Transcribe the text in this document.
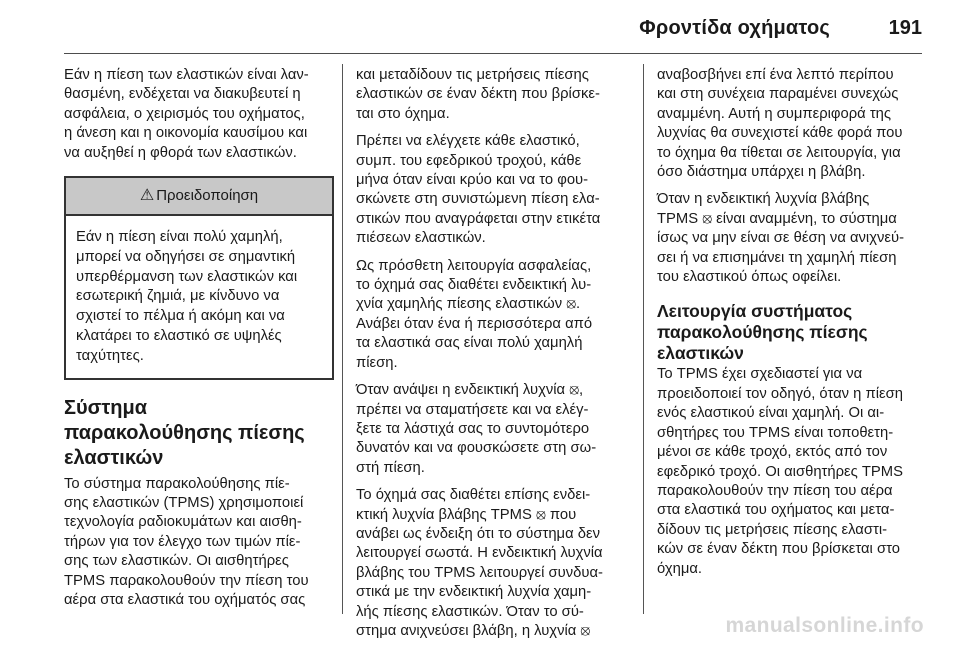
Φροντίδα οχήματος	191

Εάν η πίεση των ελαστικών είναι λαν-
θασμένη, ενδέχεται να διακυβευτεί η
ασφάλεια, ο χειρισμός του οχήματος,
η άνεση και η οικονομία καυσίμου και
να αυξηθεί η φθορά των ελαστικών.

⚠ Προειδοποίηση
Εάν η πίεση είναι πολύ χαμηλή,
μπορεί να οδηγήσει σε σημαντική
υπερθέρμανση των ελαστικών και
εσωτερική ζημιά, με κίνδυνο να
σχιστεί το πέλμα ή ακόμη και να
κλατάρει το ελαστικό σε υψηλές
ταχύτητες.
Σύστημα
παρακολούθησης πίεσης
ελαστικών

Το σύστημα παρακολούθησης πίε-
σης ελαστικών (TPMS) χρησιμοποιεί
τεχνολογία ραδιοκυμάτων και αισθη-
τήρων για τον έλεγχο των τιμών πίε-
σης των ελαστικών. Οι αισθητήρες
TPMS παρακολουθούν την πίεση του
αέρα στα ελαστικά του οχήματός σας

και μεταδίδουν τις μετρήσεις πίεσης
ελαστικών σε έναν δέκτη που βρίσκε-
ται στο όχημα.

Πρέπει να ελέγχετε κάθε ελαστικό,
συμπ. του εφεδρικού τροχού, κάθε
μήνα όταν είναι κρύο και να το φου-
σκώνετε στη συνιστώμενη πίεση ελα-
στικών που αναγράφεται στην ετικέτα
πιέσεων ελαστικών.

Ως πρόσθετη λειτουργία ασφαλείας,
το όχημά σας διαθέτει ενδεικτική λυ-
χνία χαμηλής πίεσης ελαστικών ⦻.
Ανάβει όταν ένα ή περισσότερα από
τα ελαστικά σας είναι πολύ χαμηλή
πίεση.

Όταν ανάψει η ενδεικτική λυχνία ⦻,
πρέπει να σταματήσετε και να ελέγ-
ξετε τα λάστιχά σας το συντομότερο
δυνατόν και να φουσκώσετε στη σω-
στή πίεση.

Το όχημά σας διαθέτει επίσης ενδει-
κτική λυχνία βλάβης TPMS ⦻ που
ανάβει ως ένδειξη ότι το σύστημα δεν
λειτουργεί σωστά. Η ενδεικτική λυχνία
βλάβης του TPMS λειτουργεί συνδυα-
στικά με την ενδεικτική λυχνία χαμη-
λής πίεσης ελαστικών. Όταν το σύ-
στημα ανιχνεύσει βλάβη, η λυχνία ⦻

αναβοσβήνει επί ένα λεπτό περίπου
και στη συνέχεια παραμένει συνεχώς
αναμμένη. Αυτή η συμπεριφορά της
λυχνίας θα συνεχιστεί κάθε φορά που
το όχημα θα τίθεται σε λειτουργία, για
όσο διάστημα υπάρχει η βλάβη.

Όταν η ενδεικτική λυχνία βλάβης
TPMS ⦻ είναι αναμμένη, το σύστημα
ίσως να μην είναι σε θέση να ανιχνεύ-
σει ή να επισημάνει τη χαμηλή πίεση
του ελαστικού όπως οφείλει.

Λειτουργία συστήματος
παρακολούθησης πίεσης
ελαστικών

Το TPMS έχει σχεδιαστεί για να
προειδοποιεί τον οδηγό, όταν η πίεση
ενός ελαστικού είναι χαμηλή. Οι αι-
σθητήρες του TPMS είναι τοποθετη-
μένοι σε κάθε τροχό, εκτός από τον
εφεδρικό τροχό. Οι αισθητήρες TPMS
παρακολουθούν την πίεση του αέρα
στα ελαστικά του οχήματος και μετα-
δίδουν τις μετρήσεις πίεσης ελαστι-
κών σε έναν δέκτη που βρίσκεται στο
όχημα.

manualsonline.info
